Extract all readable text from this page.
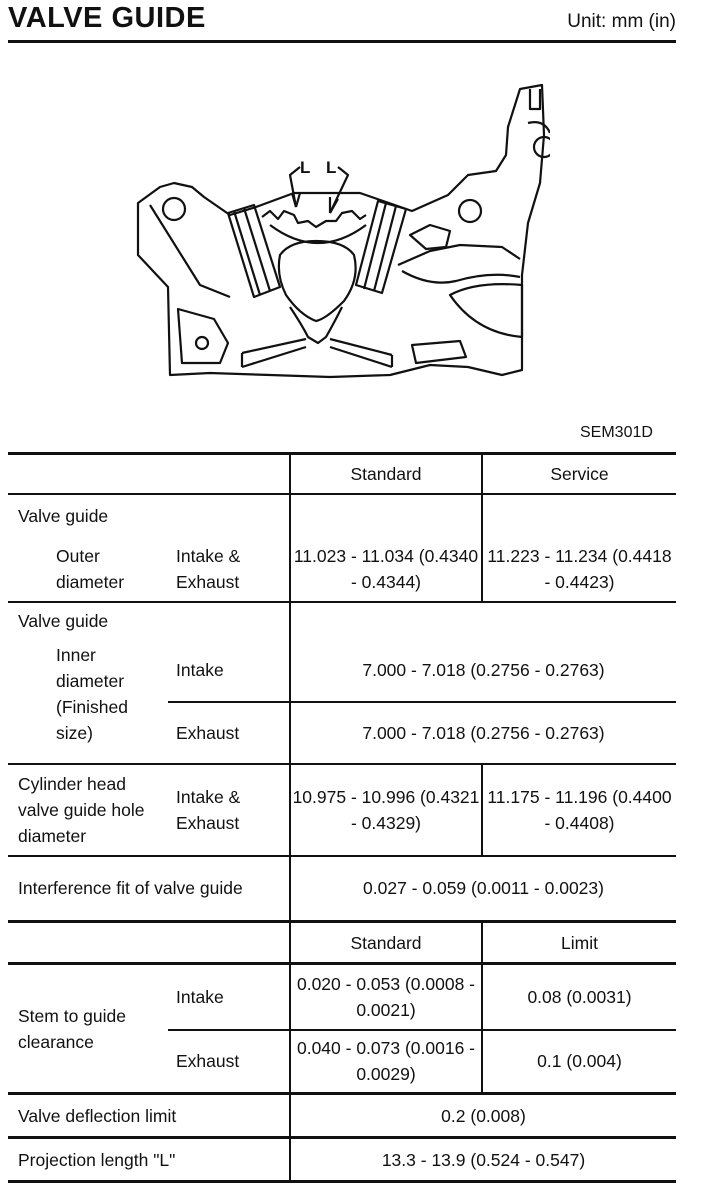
VALVE GUIDE	Unit: mm (in)
L L
SEM301D
		Standard	Service
Valve guide			
Outer diameter	Intake & Exhaust	11.023 - 11.034 (0.4340 - 0.4344)	11.223 - 11.234 (0.4418 - 0.4423)
Valve guide			
Inner diameter (Finished size)	Intake	7.000 - 7.018 (0.2756 - 0.2763)	
	Exhaust	7.000 - 7.018 (0.2756 - 0.2763)	
Cylinder head valve guide hole diameter	Intake & Exhaust	10.975 - 10.996 (0.4321 - 0.4329)	11.175 - 11.196 (0.4400 - 0.4408)
Interference fit of valve guide		0.027 - 0.059 (0.0011 - 0.0023)	
		Standard	Limit
Stem to guide clearance	Intake	0.020 - 0.053 (0.0008 - 0.0021)	0.08 (0.0031)
	Exhaust	0.040 - 0.073 (0.0016 - 0.0029)	0.1 (0.004)
Valve deflection limit		0.2 (0.008)	
Projection length "L"		13.3 - 13.9 (0.524 - 0.547)	
